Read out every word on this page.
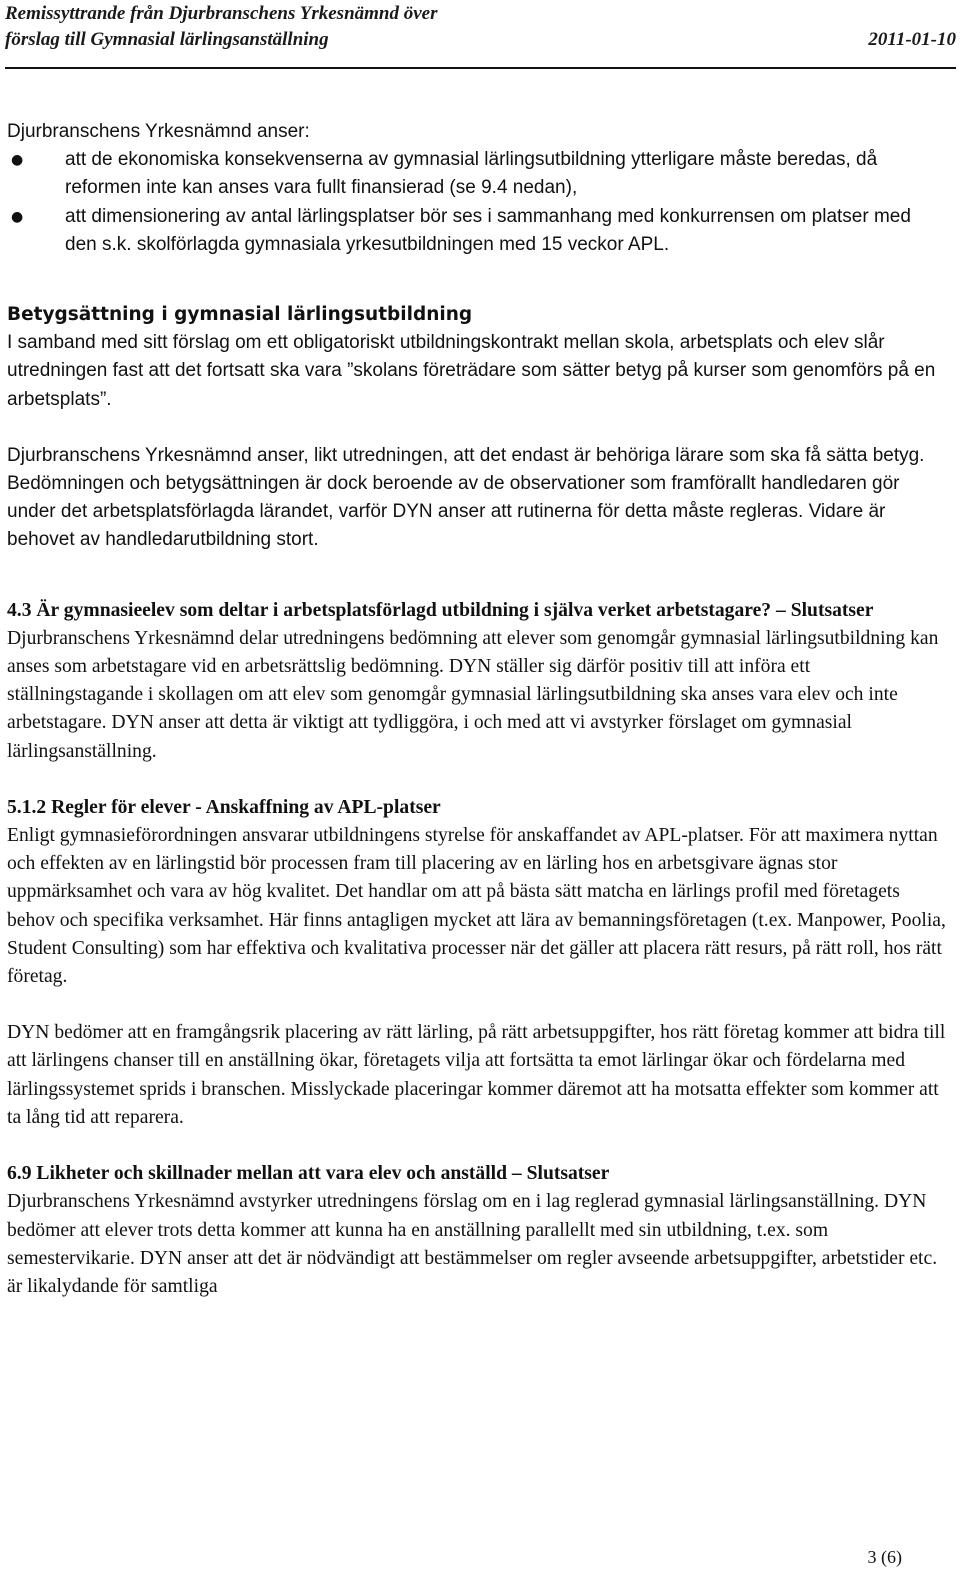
Remissyttrande från Djurbranschens Yrkesnämnd över
förslag till Gymnasial lärlingsanställning	2011-01-10

Djurbranschens Yrkesnämnd anser:

● att de ekonomiska konsekvenserna av gymnasial lärlingsutbildning ytterligare måste beredas, då reformen inte kan anses vara fullt finansierad (se 9.4 nedan),
● att dimensionering av antal lärlingsplatser bör ses i sammanhang med konkurrensen om platser med den s.k. skolförlagda gymnasiala yrkesutbildningen med 15 veckor APL.

Betygsättning i gymnasial lärlingsutbildning

I samband med sitt förslag om ett obligatoriskt utbildningskontrakt mellan skola, arbetsplats och elev slår utredningen fast att det fortsatt ska vara ”skolans företrädare som sätter betyg på kurser som genomförs på en arbetsplats”.

Djurbranschens Yrkesnämnd anser, likt utredningen, att det endast är behöriga lärare som ska få sätta betyg. Bedömningen och betygsättningen är dock beroende av de observationer som framförallt handledaren gör under det arbetsplatsförlagda lärandet, varför DYN anser att rutinerna för detta måste regleras. Vidare är behovet av handledarutbildning stort.

4.3 Är gymnasieelev som deltar i arbetsplatsförlagd utbildning i själva verket arbetstagare? – Slutsatser

Djurbranschens Yrkesnämnd delar utredningens bedömning att elever som genomgår gymnasial lärlingsutbildning kan anses som arbetstagare vid en arbetsrättslig bedömning. DYN ställer sig därför positiv till att införa ett ställningstagande i skollagen om att elev som genomgår gymnasial lärlingsutbildning ska anses vara elev och inte arbetstagare. DYN anser att detta är viktigt att tydliggöra, i och med att vi avstyrker förslaget om gymnasial lärlingsanställning.

5.1.2 Regler för elever - Anskaffning av APL-platser

Enligt gymnasieförordningen ansvarar utbildningens styrelse för anskaffandet av APL-platser. För att maximera nyttan och effekten av en lärlingstid bör processen fram till placering av en lärling hos en arbetsgivare ägnas stor uppmärksamhet och vara av hög kvalitet. Det handlar om att på bästa sätt matcha en lärlings profil med företagets behov och specifika verksamhet. Här finns antagligen mycket att lära av bemanningsföretagen (t.ex. Manpower, Poolia, Student Consulting) som har effektiva och kvalitativa processer när det gäller att placera rätt resurs, på rätt roll, hos rätt företag.

DYN bedömer att en framgångsrik placering av rätt lärling, på rätt arbetsuppgifter, hos rätt företag kommer att bidra till att lärlingens chanser till en anställning ökar, företagets vilja att fortsätta ta emot lärlingar ökar och fördelarna med lärlingssystemet sprids i branschen. Misslyckade placeringar kommer däremot att ha motsatta effekter som kommer att ta lång tid att reparera.

6.9 Likheter och skillnader mellan att vara elev och anställd – Slutsatser

Djurbranschens Yrkesnämnd avstyrker utredningens förslag om en i lag reglerad gymnasial lärlingsanställning. DYN bedömer att elever trots detta kommer att kunna ha en anställning parallellt med sin utbildning, t.ex. som semestervikarie. DYN anser att det är nödvändigt att bestämmelser om regler avseende arbetsuppgifter, arbetstider etc. är likalydande för samtliga

3 (6)
